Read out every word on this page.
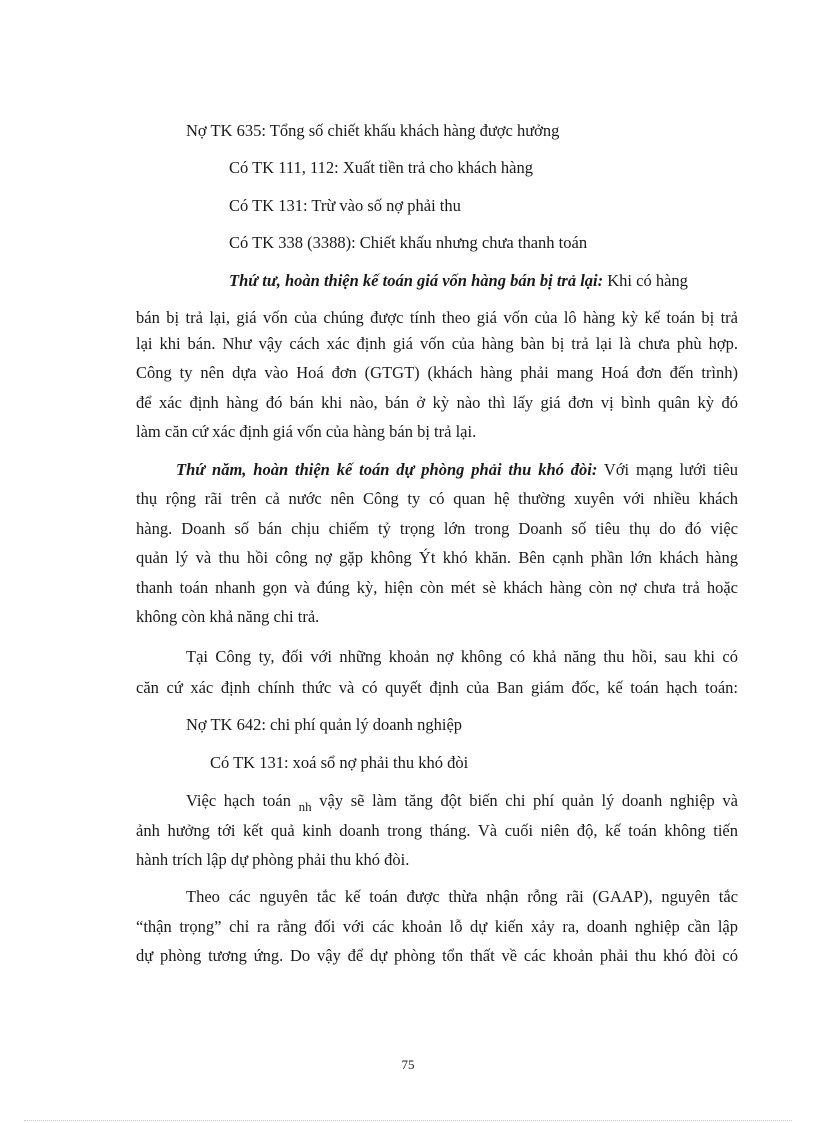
Nợ TK 635: Tổng số chiết khấu khách hàng được hưởng
Có TK 111, 112: Xuất tiền trả cho khách hàng
Có TK 131: Trừ vào số nợ phải thu
Có TK 338 (3388): Chiết khấu nhưng chưa thanh toán
Thứ tư, hoàn thiện kế toán giá vốn hàng bán bị trả lại: Khi có hàng
bán bị trả lại, giá vốn của chúng được tính theo giá vốn của lô hàng kỳ kế toán bị trả
lại khi bán. Như vậy cách xác định giá vốn của hàng bàn bị trả lại là chưa phù hợp.
Công ty nên dựa vào Hoá đơn (GTGT) (khách hàng phải mang Hoá đơn đến trình)
để xác định hàng đó bán khi nào, bán ở kỳ nào thì lấy giá đơn vị bình quân kỳ đó
làm căn cứ xác định giá vốn của hàng bán bị trả lại.
Thứ năm, hoàn thiện kế toán dự phòng phải thu khó đòi: Với mạng lưới tiêu
thụ rộng rãi trên cả nước nên Công ty có quan hệ thường xuyên với nhiều khách
hàng. Doanh số bán chịu chiếm tỷ trọng lớn trong Doanh số tiêu thụ do đó việc
quản lý và thu hồi công nợ gặp không Ýt khó khăn. Bên cạnh phần lớn khách hàng
thanh toán nhanh gọn và đúng kỳ, hiện còn mét sè khách hàng còn nợ chưa trả hoặc
không còn khả năng chi trả.
Tại Công ty, đối với những khoản nợ không có khả năng thu hồi, sau khi có
căn cứ xác định chính thức và có quyết định của Ban giám đốc, kế toán hạch toán:
Nợ TK 642: chi phí quản lý doanh nghiệp
Có TK 131: xoá sổ nợ phải thu khó đòi
Việc hạch toán $_{nh}$ vậy sẽ làm tăng đột biến chi phí quản lý doanh nghiệp và
ảnh hưởng tới kết quả kinh doanh trong tháng. Và cuối niên độ, kế toán không tiến
hành trích lập dự phòng phải thu khó đòi.
Theo các nguyên tắc kế toán được thừa nhận rỗng rãi (GAAP), nguyên tắc
“thận trọng” chỉ ra rằng đối với các khoản lỗ dự kiến xảy ra, doanh nghiệp cần lập
dự phòng tương ứng. Do vậy để dự phòng tổn thất về các khoản phải thu khó đòi có
75
